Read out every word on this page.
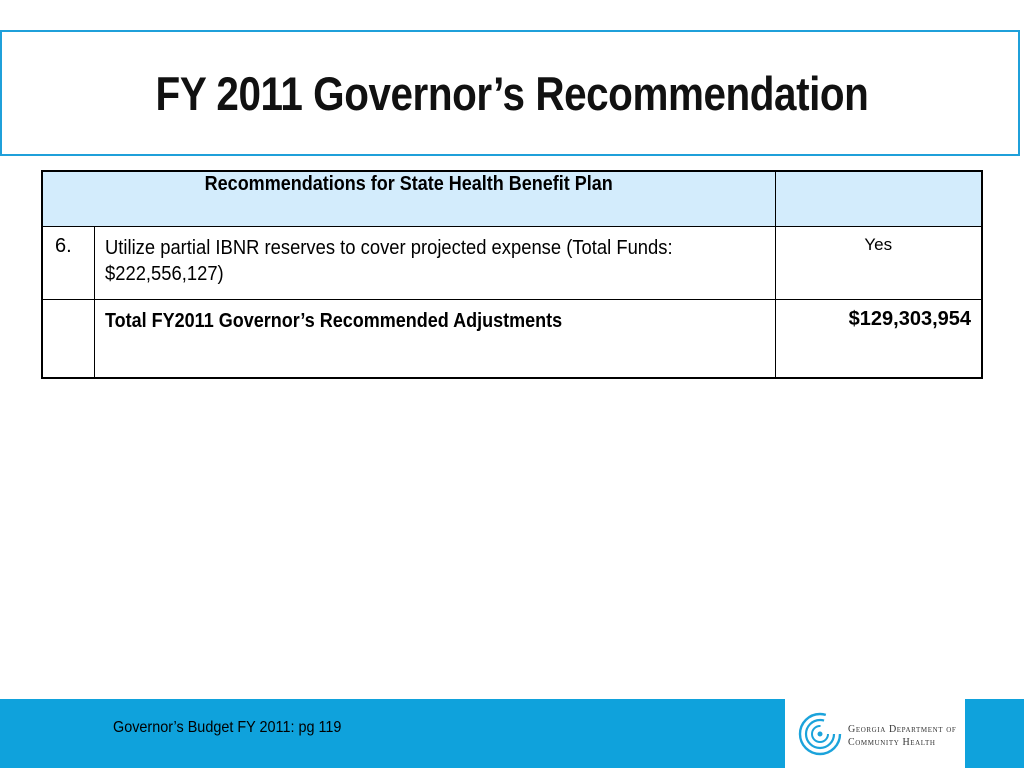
FY 2011 Governor’s Recommendation
Recommendations for State Health Benefit Plan		
6.	Utilize partial IBNR reserves to cover projected expense (Total Funds: $222,556,127)	Yes

	Total FY2011 Governor’s Recommended Adjustments	$129,303,954
Governor’s Budget FY 2011: pg 119	Georgia Department of
Community Health
